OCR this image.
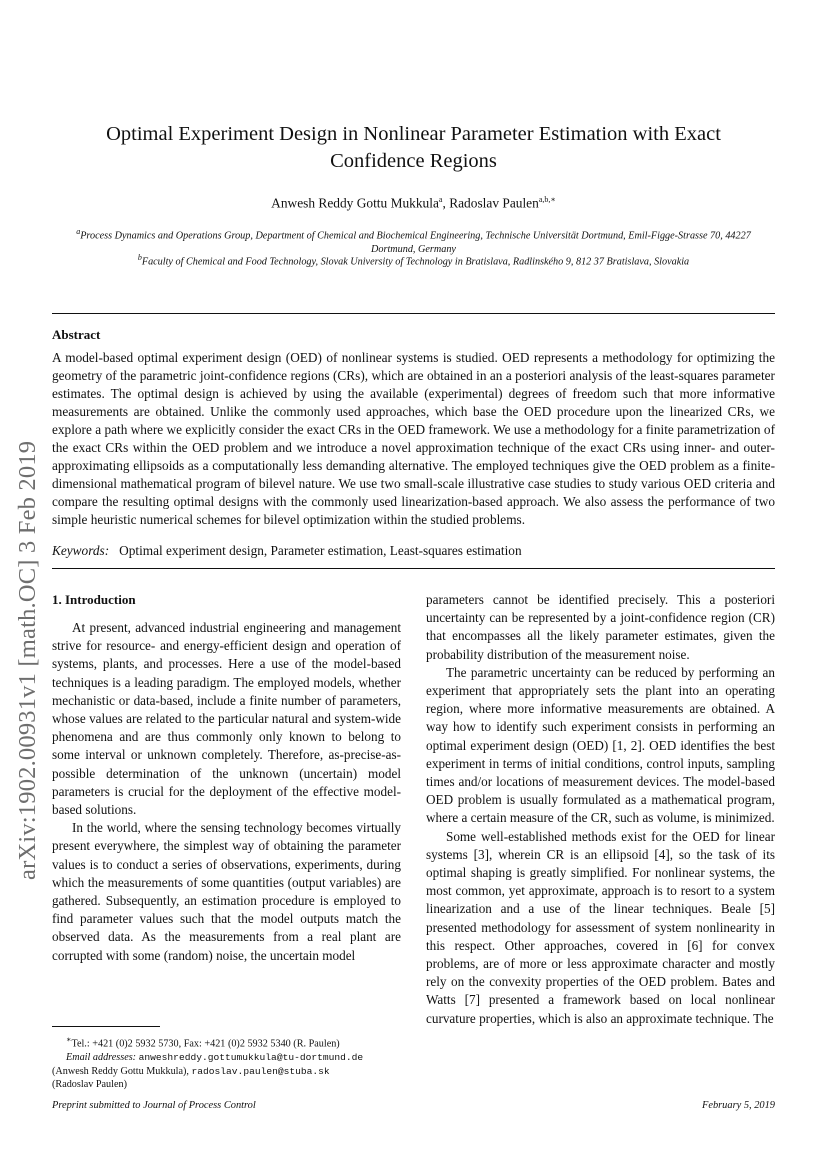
arXiv:1902.00931v1 [math.OC] 3 Feb 2019
Optimal Experiment Design in Nonlinear Parameter Estimation with Exact Confidence Regions
Anwesh Reddy Gottu Mukkula$^a$, Radoslav Paulen$^{a,b,∗}$
$^a$Process Dynamics and Operations Group, Department of Chemical and Biochemical Engineering, Technische Universität Dortmund, Emil-Figge-Strasse 70, 44227 Dortmund, Germany
$^b$Faculty of Chemical and Food Technology, Slovak University of Technology in Bratislava, Radlinského 9, 812 37 Bratislava, Slovakia
Abstract
A model-based optimal experiment design (OED) of nonlinear systems is studied. OED represents a methodology for optimizing the geometry of the parametric joint-confidence regions (CRs), which are obtained in an a posteriori analysis of the least-squares parameter estimates. The optimal design is achieved by using the available (experimental) degrees of freedom such that more informative measurements are obtained. Unlike the commonly used approaches, which base the OED procedure upon the linearized CRs, we explore a path where we explicitly consider the exact CRs in the OED framework. We use a methodology for a finite parametrization of the exact CRs within the OED problem and we introduce a novel approximation technique of the exact CRs using inner- and outer-approximating ellipsoids as a computationally less demanding alternative. The employed techniques give the OED problem as a finite-dimensional mathematical program of bilevel nature. We use two small-scale illustrative case studies to study various OED criteria and compare the resulting optimal designs with the commonly used linearization-based approach. We also assess the performance of two simple heuristic numerical schemes for bilevel optimization within the studied problems.
Keywords: Optimal experiment design, Parameter estimation, Least-squares estimation
1. Introduction

At present, advanced industrial engineering and management strive for resource- and energy-efficient design and operation of systems, plants, and processes. Here a use of the model-based techniques is a leading paradigm. The employed models, whether mechanistic or data-based, include a finite number of parameters, whose values are related to the particular natural and system-wide phenomena and are thus commonly only known to belong to some interval or unknown completely. Therefore, as-precise-as-possible determination of the unknown (uncertain) model parameters is crucial for the deployment of the effective model-based solutions.

In the world, where the sensing technology becomes virtually present everywhere, the simplest way of obtaining the parameter values is to conduct a series of observations, experiments, during which the measurements of some quantities (output variables) are gathered. Subsequently, an estimation procedure is employed to find parameter values such that the model outputs match the observed data. As the measurements from a real plant are corrupted with some (random) noise, the uncertain model

parameters cannot be identified precisely. This a posteriori uncertainty can be represented by a joint-confidence region (CR) that encompasses all the likely parameter estimates, given the probability distribution of the measurement noise.

The parametric uncertainty can be reduced by performing an experiment that appropriately sets the plant into an operating region, where more informative measurements are obtained. A way how to identify such experiment consists in performing an optimal experiment design (OED) [1, 2]. OED identifies the best experiment in terms of initial conditions, control inputs, sampling times and/or locations of measurement devices. The model-based OED problem is usually formulated as a mathematical program, where a certain measure of the CR, such as volume, is minimized.

Some well-established methods exist for the OED for linear systems [3], wherein CR is an ellipsoid [4], so the task of its optimal shaping is greatly simplified. For nonlinear systems, the most common, yet approximate, approach is to resort to a system linearization and a use of the linear techniques. Beale [5] presented methodology for assessment of system nonlinearity in this respect. Other approaches, covered in [6] for convex problems, are of more or less approximate character and mostly rely on the convexity properties of the OED problem. Bates and Watts [7] presented a framework based on local nonlinear curvature properties, which is also an approximate technique. The

∗Tel.: +421 (0)2 5932 5730, Fax: +421 (0)2 5932 5340 (R. Paulen)
Email addresses: anweshreddy.gottumukkula@tu-dortmund.de
(Anwesh Reddy Gottu Mukkula), radoslav.paulen@stuba.sk
(Radoslav Paulen)
Preprint submitted to Journal of Process Control	February 5, 2019
